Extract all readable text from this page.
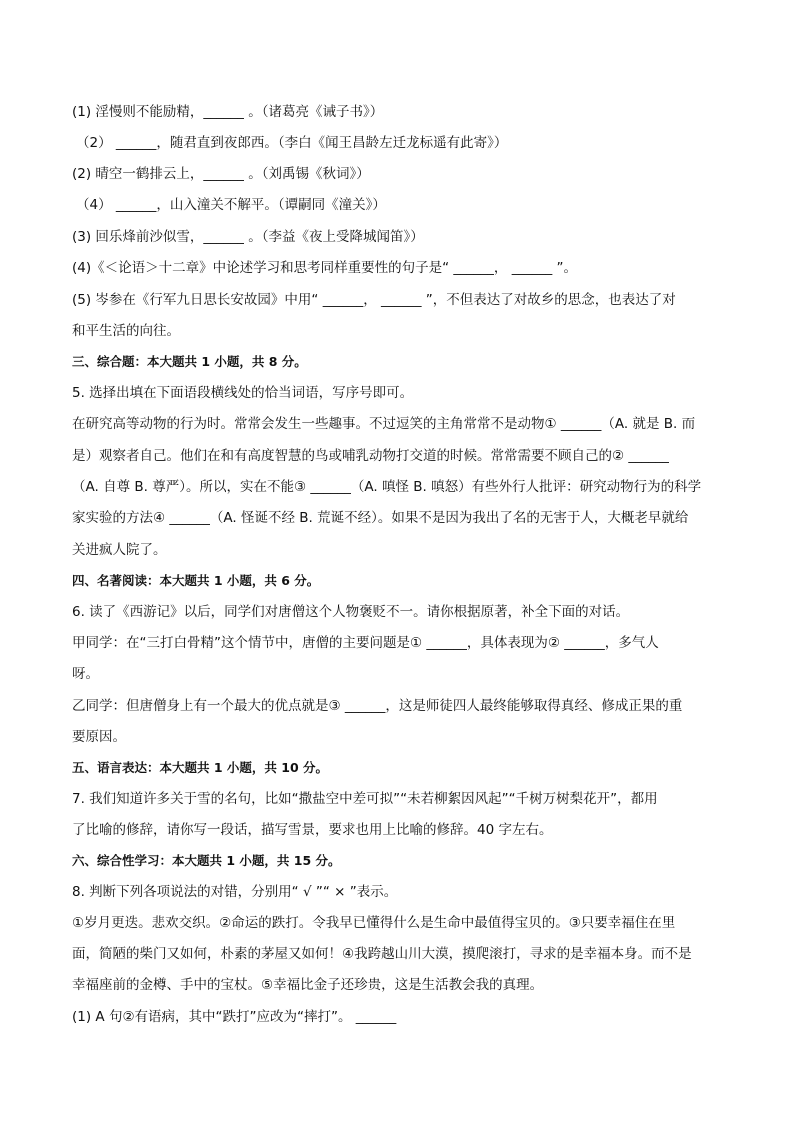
(1) 淫慢则不能励精，______ 。（诸葛亮《诫子书》）
（2） ______，随君直到夜郎西。（李白《闻王昌龄左迁龙标遥有此寄》）
(2) 晴空一鹤排云上，______ 。（刘禹锡《秋词》）
（4） ______，山入潼关不解平。（谭嗣同《潼关》）
(3) 回乐烽前沙似雪，______ 。（李益《夜上受降城闻笛》）
(4)《＜论语＞十二章》中论述学习和思考同样重要性的句子是“ ______， ______ ”。
(5) 岑参在《行军九日思长安故园》中用“ ______， ______ ”，不但表达了对故乡的思念，也表达了对
和平生活的向往。
三、综合题：本大题共 1 小题，共 8 分。
5. 选择出填在下面语段横线处的恰当词语，写序号即可。
在研究高等动物的行为时。常常会发生一些趣事。不过逗笑的主角常常不是动物① ______（A. 就是 B. 而
是）观察者自己。他们在和有高度智慧的鸟或哺乳动物打交道的时候。常常需要不顾自己的② ______
（A. 自尊 B. 尊严）。所以，实在不能③ ______（A. 嗔怪 B. 嗔怒）有些外行人批评：研究动物行为的科学
家实验的方法④ ______（A. 怪诞不经 B. 荒诞不经）。如果不是因为我出了名的无害于人，大概老早就给
关进疯人院了。
四、名著阅读：本大题共 1 小题，共 6 分。
6. 读了《西游记》以后，同学们对唐僧这个人物褒贬不一。请你根据原著，补全下面的对话。
甲同学：在“三打白骨精”这个情节中，唐僧的主要问题是① ______，具体表现为② ______，多气人
呀。
乙同学：但唐僧身上有一个最大的优点就是③ ______，这是师徒四人最终能够取得真经、修成正果的重
要原因。
五、语言表达：本大题共 1 小题，共 10 分。
7. 我们知道许多关于雪的名句，比如“撒盐空中差可拟”“未若柳絮因风起”“千树万树梨花开”，都用
了比喻的修辞，请你写一段话，描写雪景，要求也用上比喻的修辞。40 字左右。
六、综合性学习：本大题共 1 小题，共 15 分。
8. 判断下列各项说法的对错，分别用“ √ ”“ × ”表示。
①岁月更迭。悲欢交织。②命运的跌打。令我早已懂得什么是生命中最值得宝贝的。③只要幸福住在里
面，简陋的柴门又如何，朴素的茅屋又如何！④我跨越山川大漠，摸爬滚打，寻求的是幸福本身。而不是
幸福座前的金樽、手中的宝杖。⑤幸福比金子还珍贵，这是生活教会我的真理。
(1) A 句②有语病，其中“跌打”应改为“摔打”。 ______
